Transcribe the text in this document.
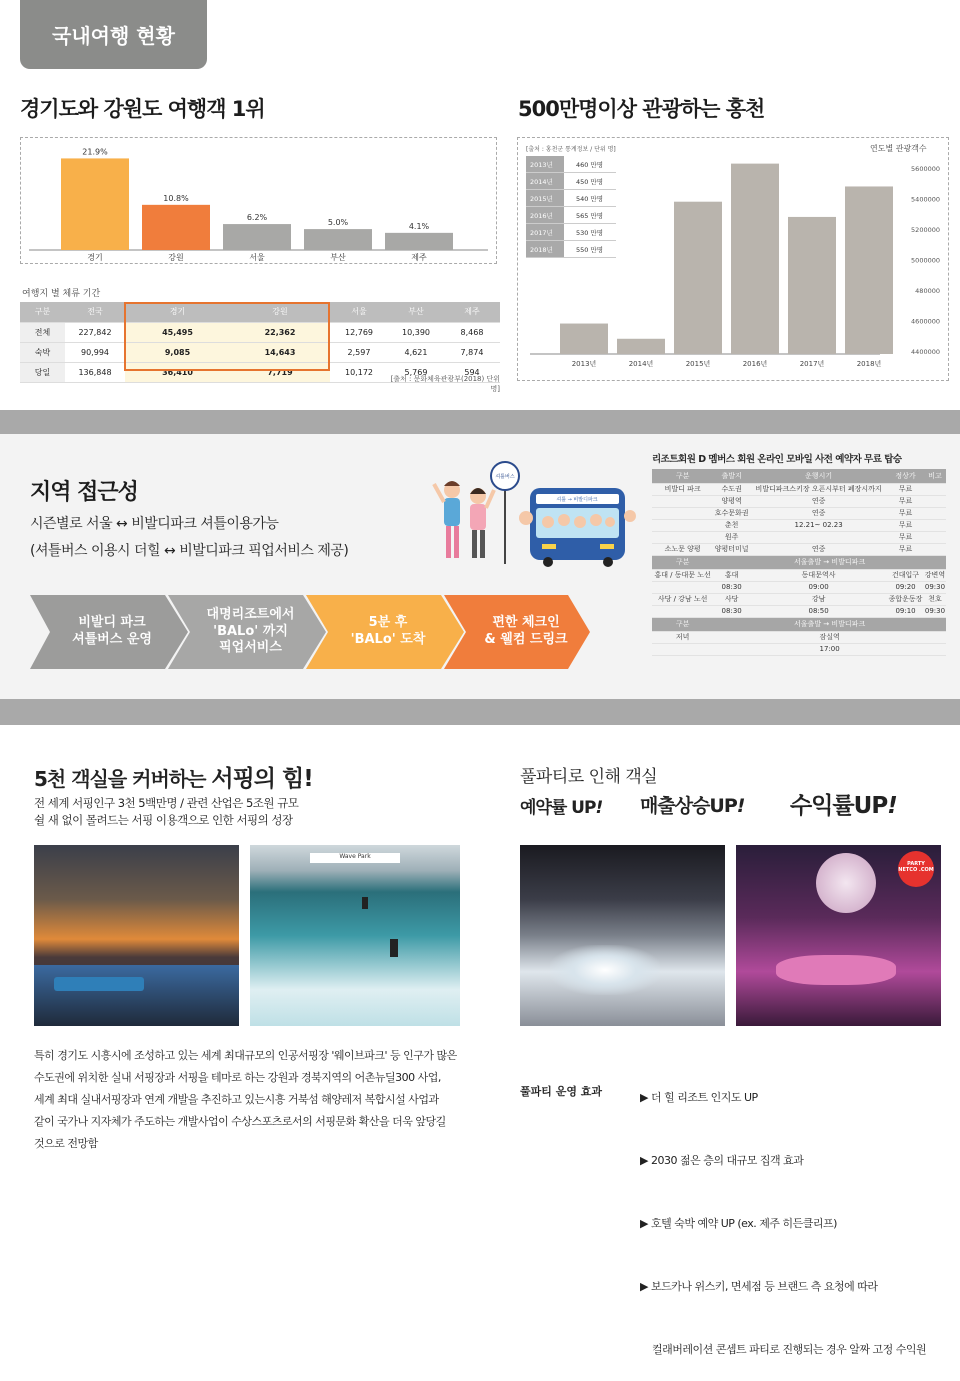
국내여행 현황
경기도와 강원도 여행객 1위	500만명이상 관광하는 홍천
21.9%
경기
10.8%
강원
6.2%
서울
5.0%
부산
4.1%
제주
여행지 별 체류 기간
구분	전국	경기	강원	서울	부산	제주
전체	227,842	45,495	22,362	12,769	10,390	8,468
숙박	90,994	9,085	14,643	2,597	4,621	7,874
당일	136,848	36,410	7,719	10,172	5,769	594
[출처 : 문화체육관광부(2018) 단위 명]
[출처 : 홍천군 통계정보 / 단위 명]	연도별 관광객수
2013년	460 만명
2014년	450 만명
2015년	540 만명
2016년	565 만명
2017년	530 만명
2018년	550 만명
2013년	2014년	2015년	2016년	2017년	2018년
5600000
5400000
5200000
5000000
480000
4600000
4400000
지역 접근성
시즌별로 서울 ↔ 비발디파크 셔틀이용가능
(셔틀버스 이용시 더힐 ↔ 비발디파크 픽업서비스 제공)
셔틀버스
셔틀 → 비발디파크
비발디 파크
셔틀버스 운영
대명리조트에서
'BALo' 까지
픽업서비스
5분 후
'BALo' 도착
편한 체크인
& 웰컴 드링크
리조트회원 D 멤버스 회원 온라인 모바일 사전 예약자 무료 탑승
구분	출발지	운행시기	정상가	비고
비발디 파크	수도권	비발디파크스키장 오픈시부터 폐장시까지	무료	
	양평역	연중	무료	
	호수문화권	연중	무료	
	춘천	12.21~ 02.23	무료	
	원주		무료	
소노문 양평	양평터미널	연중	무료	
구분	서울출발 → 비발디파크			
홍대 / 동대문 노선	홍대	동대문역사	건대입구	강변역
	08:30	09:00	09:20	09:30
사당 / 강남 노선	사당	강남	종합운동장	천호
	08:30	08:50	09:10	09:30
구분	서울출발 → 비발디파크			
저녁	잠실역			
	17:00			
5천 객실을 커버하는 서핑의 힘!
전 세계 서핑인구 3천 5백만명 / 관련 산업은 5조원 규모
쉴 새 없이 몰려드는 서핑 이용객으로 인한 서핑의 성장
풀파티로 인해 객실
예약률 UP! 매출상승UP! 수익률UP!
Wave Park
PARTY NETCO .COM
특히 경기도 시흥시에 조성하고 있는 세계 최대규모의 인공서핑장 '웨이브파크' 등 인구가 많은
수도권에 위치한 실내 서핑장과 서핑을 테마로 하는 강원과 경북지역의 어촌뉴딜300 사업,
세계 최대 실내서핑장과 연계 개발을 추진하고 있는시흥 거북섬 해양레저 복합시설 사업과
같이 국가나 지자체가 주도하는 개발사업이 수상스포츠로서의 서핑문화 확산을 더욱 앞당길
것으로 전망함
풀파티 운영 효과

	▶ 더 힐 리조트 인지도 UP

▶ 2030 젊은 층의 대규모 집객 효과

▶ 호텔 숙박 예약 UP (ex. 제주 히든클리프)

▶ 보드카나 위스키, 면세점 등 브랜드 측 요청에 따라

컬래버레이션 콘셉트 파티로 진행되는 경우 알짜 고정 수익원
